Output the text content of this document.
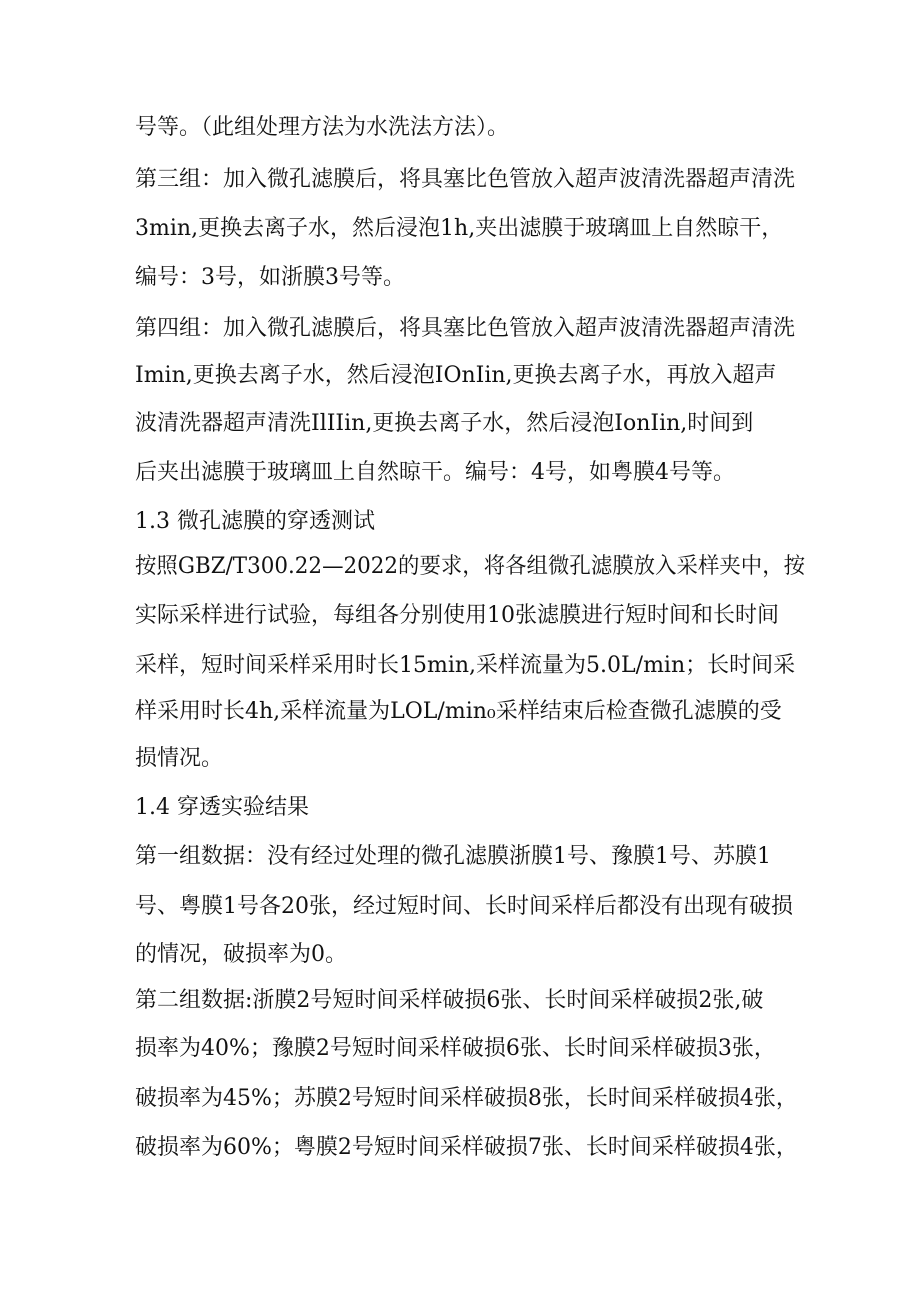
号等。（此组处理方法为水洗法方法）。
第三组：加入微孔滤膜后，将具塞比色管放入超声波清洗器超声清洗
3min,更换去离子水，然后浸泡1h,夹出滤膜于玻璃皿上自然晾干，
编号：3号，如浙膜3号等。
第四组：加入微孔滤膜后，将具塞比色管放入超声波清洗器超声清洗
Imin,更换去离子水，然后浸泡IOnIin,更换去离子水，再放入超声
波清洗器超声清洗IlIIin,更换去离子水，然后浸泡IonIin,时间到
后夹出滤膜于玻璃皿上自然晾干。编号：4号，如粤膜4号等。
1.3 微孔滤膜的穿透测试
按照GBZ/T300.22—2022的要求，将各组微孔滤膜放入采样夹中，按
实际采样进行试验，每组各分别使用10张滤膜进行短时间和长时间
采样，短时间采样采用时长15min,采样流量为5.0L/min；长时间采
样采用时长4h,采样流量为LOL/min₀采样结束后检查微孔滤膜的受
损情况。
1.4 穿透实验结果
第一组数据：没有经过处理的微孔滤膜浙膜1号、豫膜1号、苏膜1
号、粤膜1号各20张，经过短时间、长时间采样后都没有出现有破损
的情况，破损率为0。
第二组数据:浙膜2号短时间采样破损6张、长时间采样破损2张,破
损率为40%；豫膜2号短时间采样破损6张、长时间采样破损3张，
破损率为45%；苏膜2号短时间采样破损8张，长时间采样破损4张，
破损率为60%；粤膜2号短时间采样破损7张、长时间采样破损4张，
